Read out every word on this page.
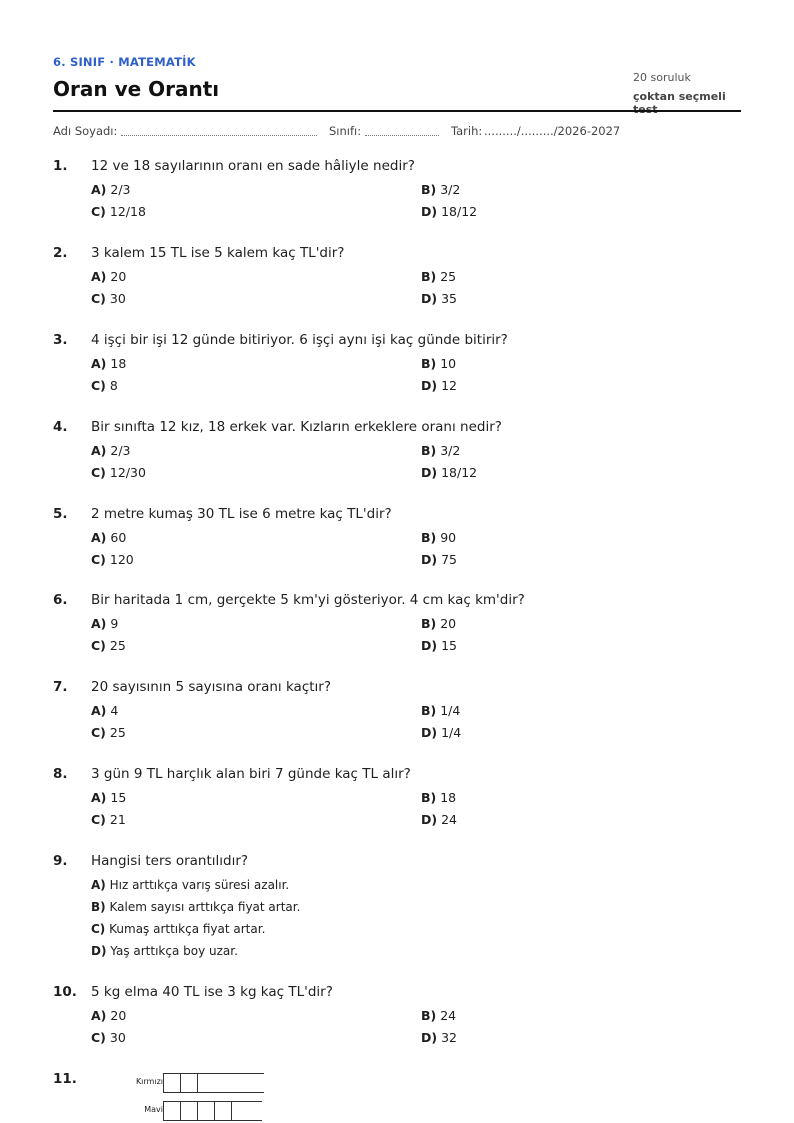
6. SINIF · MATEMATİK
Oran ve Orantı	20 soruluk
çoktan seçmeli
Adı Soyadı:	Sınıfı:	Tarih: ........./........./2026-2027
1. 12 ve 18 sayılarının oranı en sade hâliyle nedir?
A) 2/3	B) 3/2
C) 12/18	D) 18/12
2. 3 kalem 15 TL ise 5 kalem kaç TL'dir?
A) 20	B) 25
C) 30	D) 35
3. 4 işçi bir işi 12 günde bitiriyor. 6 işçi aynı işi kaç günde bitirir?
A) 18	B) 10
C) 8	D) 12
4. Bir sınıfta 12 kız, 18 erkek var. Kızların erkeklere oranı nedir?
A) 2/3	B) 3/2
C) 12/30	D) 18/12
5. 2 metre kumaş 30 TL ise 6 metre kaç TL'dir?
A) 60	B) 90
C) 120	D) 75
6. Bir haritada 1 cm, gerçekte 5 km'yi gösteriyor. 4 cm kaç km'dir?
A) 9	B) 20
C) 25	D) 15
7. 20 sayısının 5 sayısına oranı kaçtır?
A) 4	B) 1/4
C) 25	D) 1/4
8. 3 gün 9 TL harçlık alan biri 7 günde kaç TL alır?
A) 15	B) 18
C) 21	D) 24
9. Hangisi ters orantılıdır?
A) Hız arttıkça varış süresi azalır.
B) Kalem sayısı arttıkça fiyat artar.
C) Kumaş arttıkça fiyat artar.
D) Yaş arttıkça boy uzar.
10. 5 kg elma 40 TL ise 3 kg kaç TL'dir?
A) 20	B) 24
C) 30	D) 32
11.	Kırmızı
Mavi
